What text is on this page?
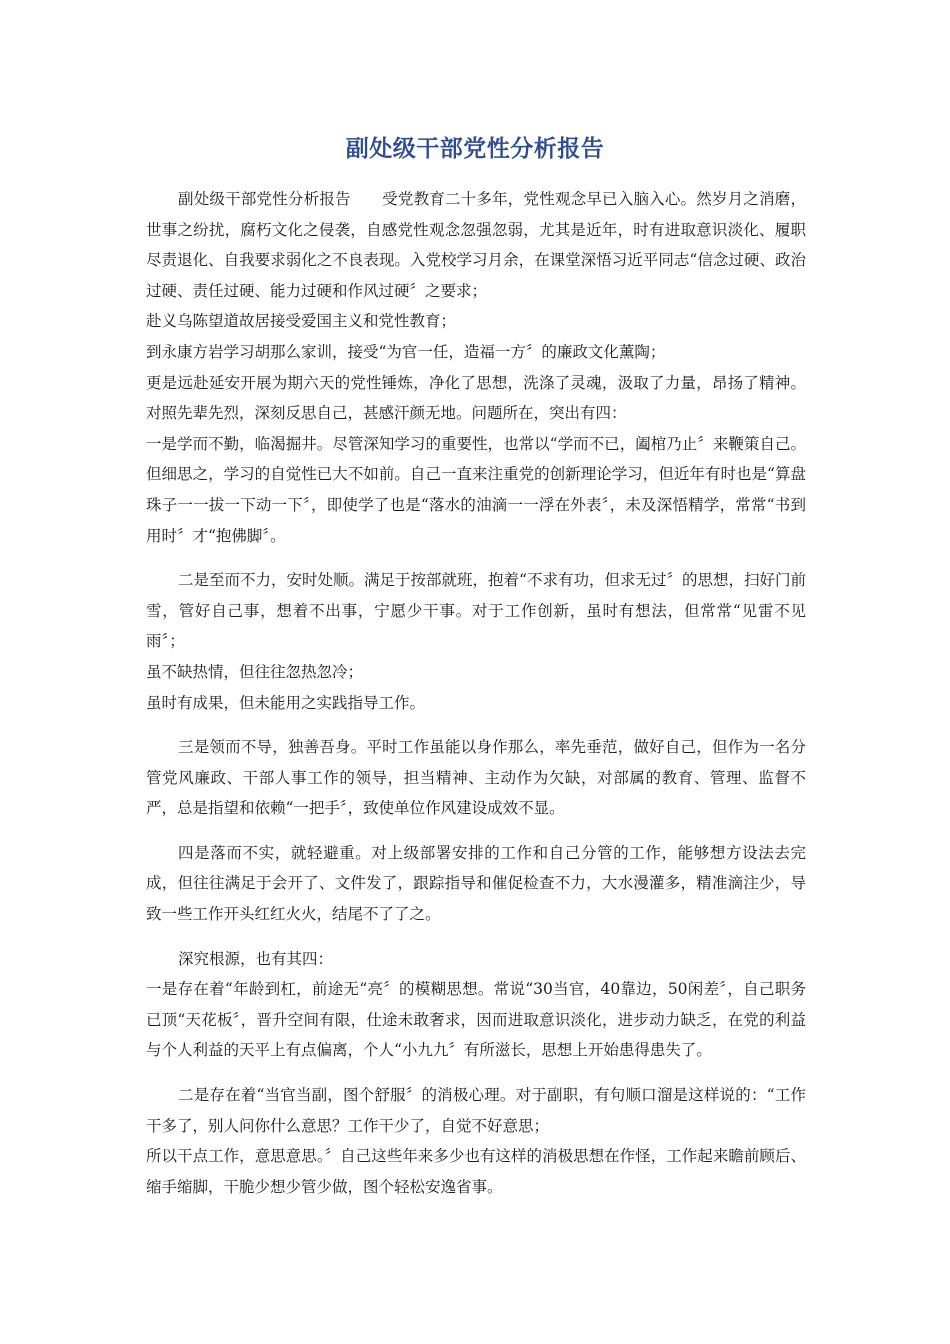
副处级干部党性分析报告

副处级干部党性分析报告　　受党教育二十多年，党性观念早已入脑入心。然岁月之消磨，世事之纷扰，腐朽文化之侵袭，自感党性观念忽强忽弱，尤其是近年，时有进取意识淡化、履职尽责退化、自我要求弱化之不良表现。入党校学习月余，在课堂深悟习近平同志“信念过硬、政治过硬、责任过硬、能力过硬和作风过硬〞之要求；

赴义乌陈望道故居接受爱国主义和党性教育；

到永康方岩学习胡那么家训，接受“为官一任，造福一方〞的廉政文化薰陶；

更是远赴延安开展为期六天的党性锤炼，净化了思想，洗涤了灵魂，汲取了力量，昂扬了精神。对照先辈先烈，深刻反思自己，甚感汗颜无地。问题所在，突出有四：

一是学而不勤，临渴掘井。尽管深知学习的重要性，也常以“学而不已，阖棺乃止〞来鞭策自己。但细思之，学习的自觉性已大不如前。自己一直来注重党的创新理论学习，但近年有时也是“算盘珠子一一拔一下动一下〞，即使学了也是“落水的油滴一一浮在外表〞，未及深悟精学，常常“书到用时〞才“抱佛脚〞。

二是至而不力，安时处顺。满足于按部就班，抱着“不求有功，但求无过〞的思想，扫好门前雪，管好自己事，想着不出事，宁愿少干事。对于工作创新，虽时有想法，但常常“见雷不见雨〞；

虽不缺热情，但往往忽热忽冷；

虽时有成果，但未能用之实践指导工作。

三是领而不导，独善吾身。平时工作虽能以身作那么，率先垂范，做好自己，但作为一名分管党风廉政、干部人事工作的领导，担当精神、主动作为欠缺，对部属的教育、管理、监督不严，总是指望和依赖“一把手〞，致使单位作风建设成效不显。

四是落而不实，就轻避重。对上级部署安排的工作和自己分管的工作，能够想方设法去完成，但往往满足于会开了、文件发了，跟踪指导和催促检查不力，大水漫灌多，精准滴注少，导致一些工作开头红红火火，结尾不了了之。

深究根源，也有其四：

一是存在着“年龄到杠，前途无“亮〞的模糊思想。常说“30当官，40靠边，50闲差〞，自己职务已顶“天花板〞，晋升空间有限，仕途未敢奢求，因而进取意识淡化，进步动力缺乏，在党的利益与个人利益的天平上有点偏离，个人“小九九〞有所滋长，思想上开始患得患失了。

二是存在着“当官当副，图个舒服〞的消极心理。对于副职，有句顺口溜是这样说的：“工作干多了，别人问你什么意思？工作干少了，自觉不好意思；

所以干点工作，意思意思。〞自己这些年来多少也有这样的消极思想在作怪，工作起来瞻前顾后、缩手缩脚，干脆少想少管少做，图个轻松安逸省事。
